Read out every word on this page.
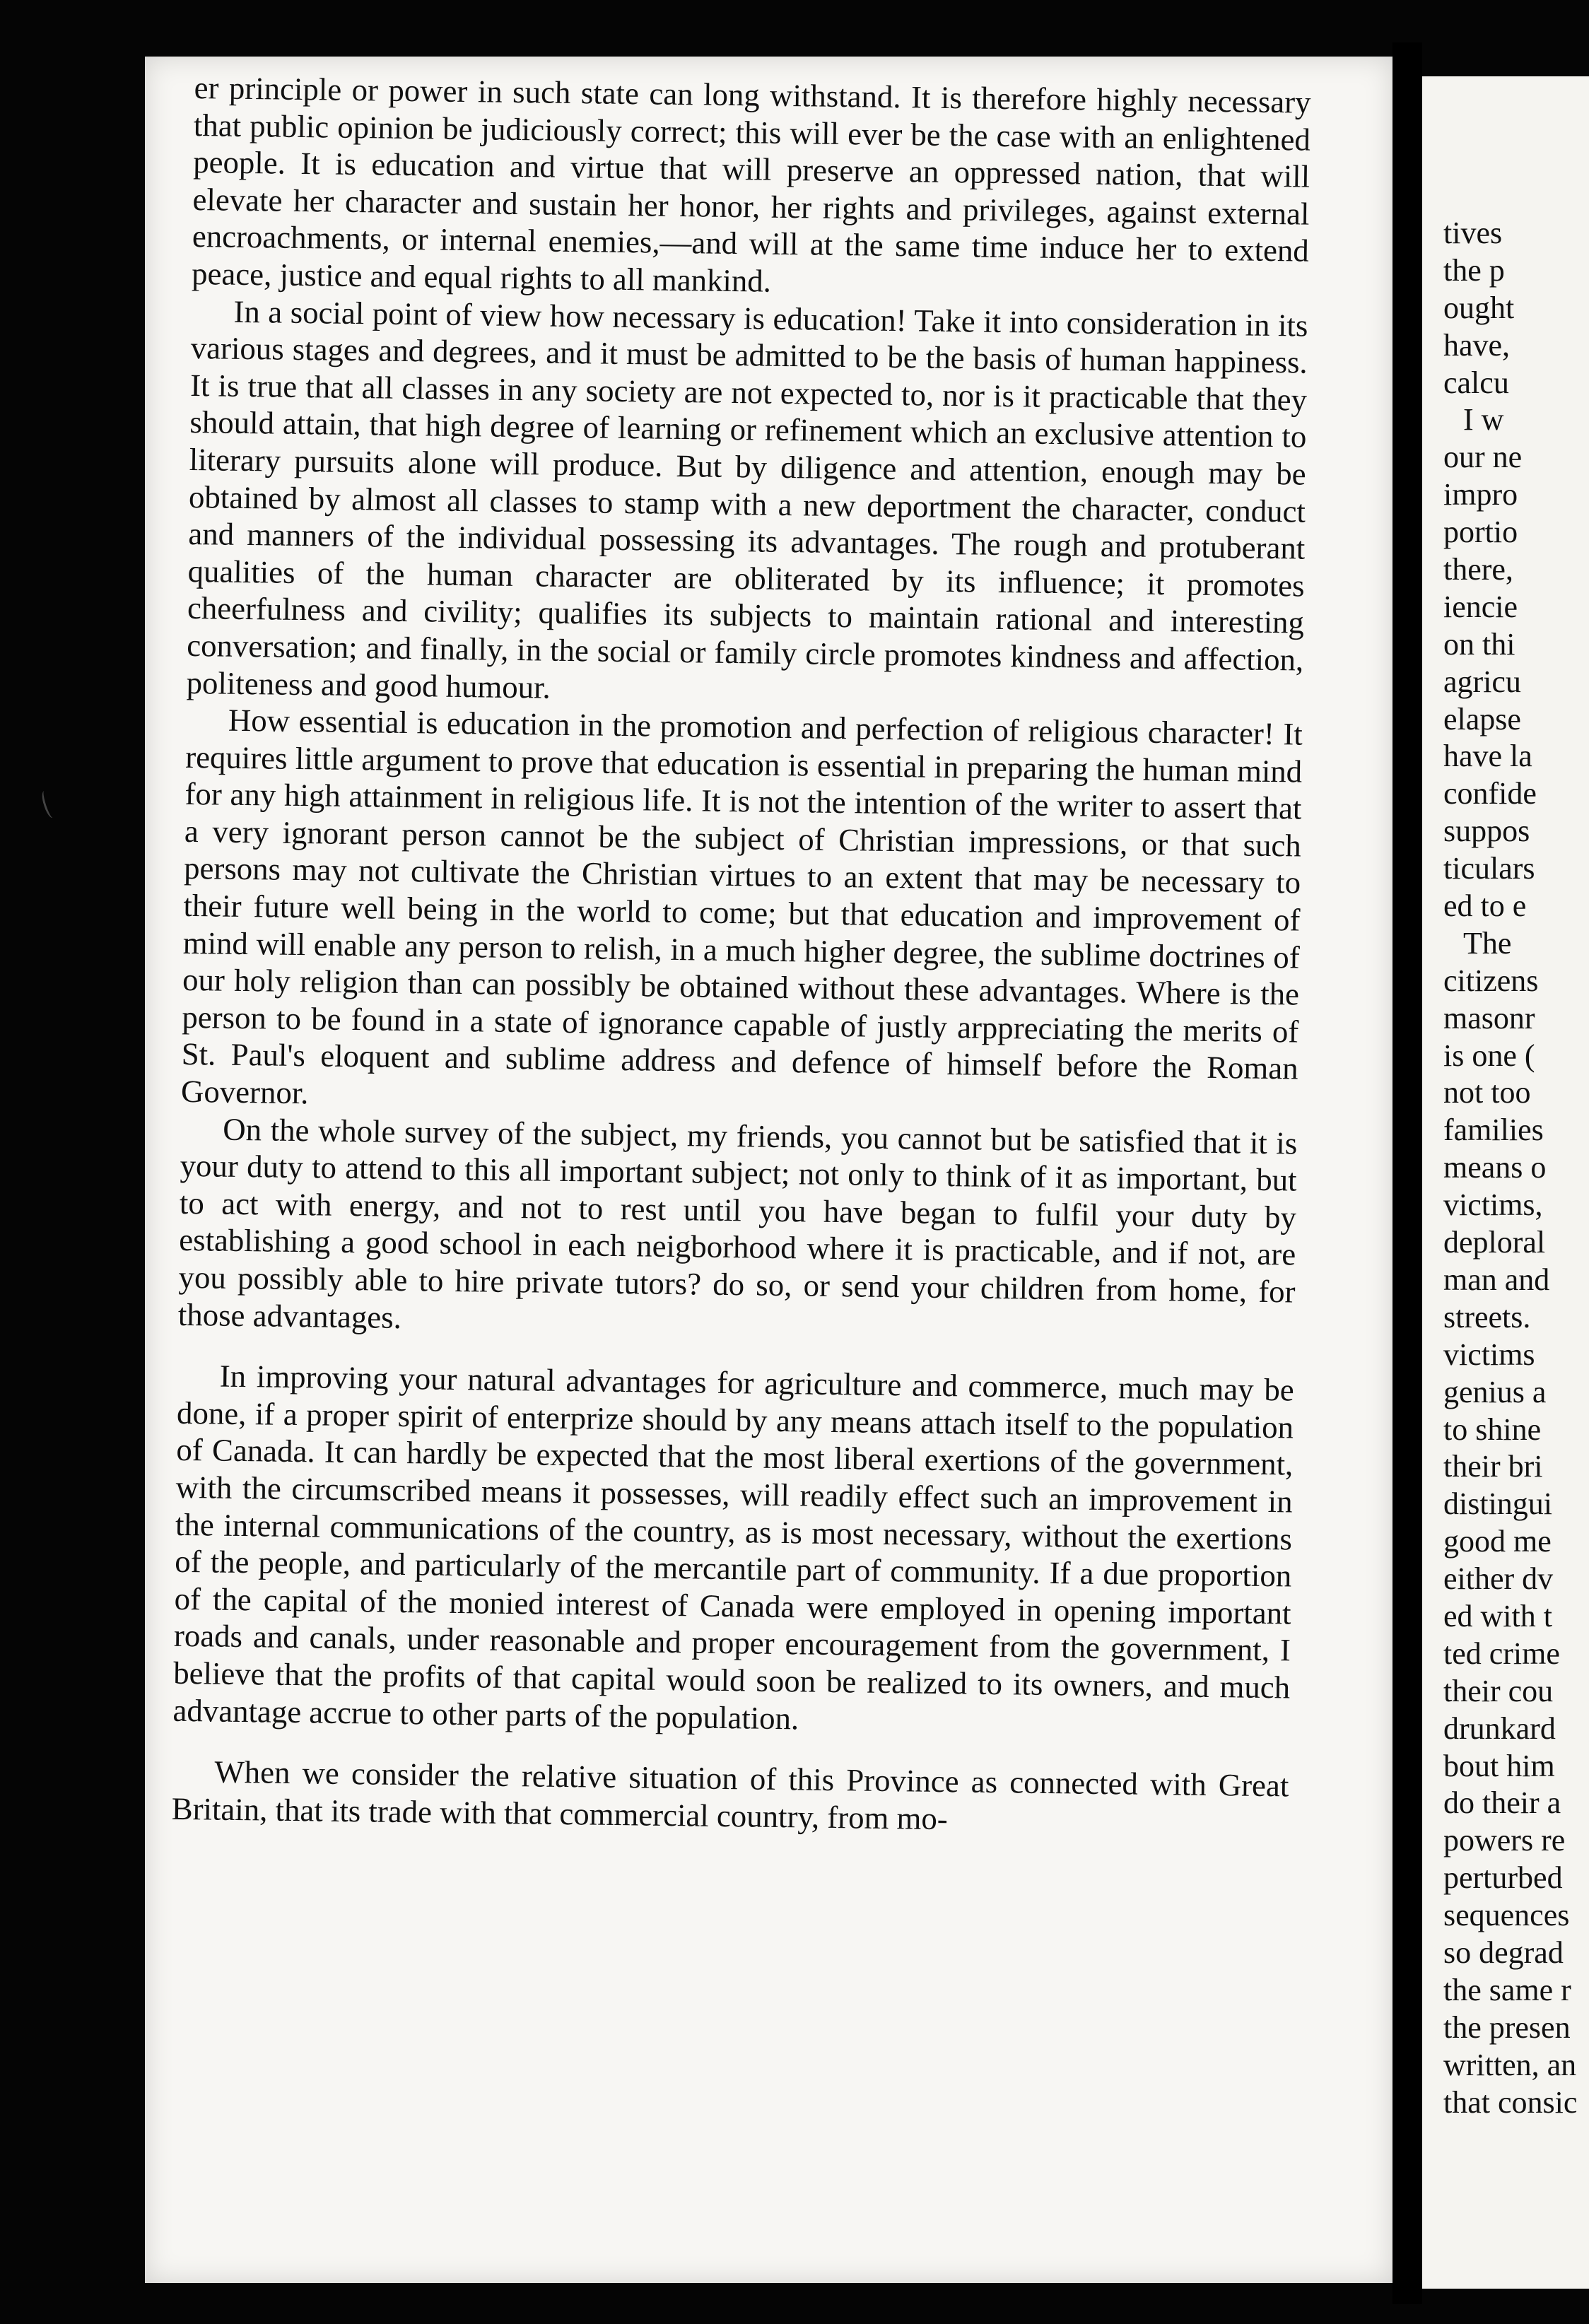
er principle or power in such state can long withstand. It is therefore highly necessary that public opinion be judiciously correct; this will ever be the case with an enlightened people. It is education and virtue that will preserve an oppressed nation, that will elevate her character and sustain her honor, her rights and privileges, against external encroachments, or internal enemies,—and will at the same time induce her to extend peace, justice and equal rights to all mankind.

In a social point of view how necessary is education! Take it into consideration in its various stages and degrees, and it must be admitted to be the basis of human happiness. It is true that all classes in any society are not expected to, nor is it practicable that they should attain, that high degree of learning or refinement which an exclusive attention to literary pursuits alone will produce. But by diligence and attention, enough may be obtained by almost all classes to stamp with a new deportment the character, conduct and manners of the individual possessing its advantages. The rough and protuberant qualities of the human character are obliterated by its influence; it promotes cheerfulness and civility; qualifies its subjects to maintain rational and interesting conversation; and finally, in the social or family circle promotes kindness and affection, politeness and good humour.

How essential is education in the promotion and perfection of religious character! It requires little argument to prove that education is essential in preparing the human mind for any high attainment in religious life. It is not the intention of the writer to assert that a very ignorant person cannot be the subject of Christian impressions, or that such persons may not cultivate the Christian virtues to an extent that may be necessary to their future well being in the world to come; but that education and improvement of mind will enable any person to relish, in a much higher degree, the sublime doctrines of our holy religion than can possibly be obtained without these advantages. Where is the person to be found in a state of ignorance capable of justly arppreciating the merits of St. Paul's eloquent and sublime address and defence of himself before the Roman Governor.

On the whole survey of the subject, my friends, you cannot but be satisfied that it is your duty to attend to this all important subject; not only to think of it as important, but to act with energy, and not to rest until you have began to fulfil your duty by establishing a good school in each neigborhood where it is practicable, and if not, are you possibly able to hire private tutors? do so, or send your children from home, for those advantages.

In improving your natural advantages for agriculture and commerce, much may be done, if a proper spirit of enterprize should by any means attach itself to the population of Canada. It can hardly be expected that the most liberal exertions of the government, with the circumscribed means it possesses, will readily effect such an improvement in the internal communications of the country, as is most necessary, without the exertions of the people, and particularly of the mercantile part of community. If a due proportion of the capital of the monied interest of Canada were employed in opening important roads and canals, under reasonable and proper encouragement from the government, I believe that the profits of that capital would soon be realized to its owners, and much advantage accrue to other parts of the population.

When we consider the relative situation of this Province as connected with Great Britain, that its trade with that commercial country, from mo-

tives
the p
ought
have,
calcu
I w
our ne
impro
portio
there,
iencie
on thi
agricu
elapse
have la
confide
suppos
ticulars
ed to e
The
citizens
masonr
is one (
not too
families
means o
victims,
deploral
man and
streets.
victims
genius a
to shine
their bri
distingui
good me
either dv
ed with t
ted crime
their cou
drunkard
bout him
do their a
powers re
perturbed
sequences
so degrad
the same r
the presen
written, an
that consic
